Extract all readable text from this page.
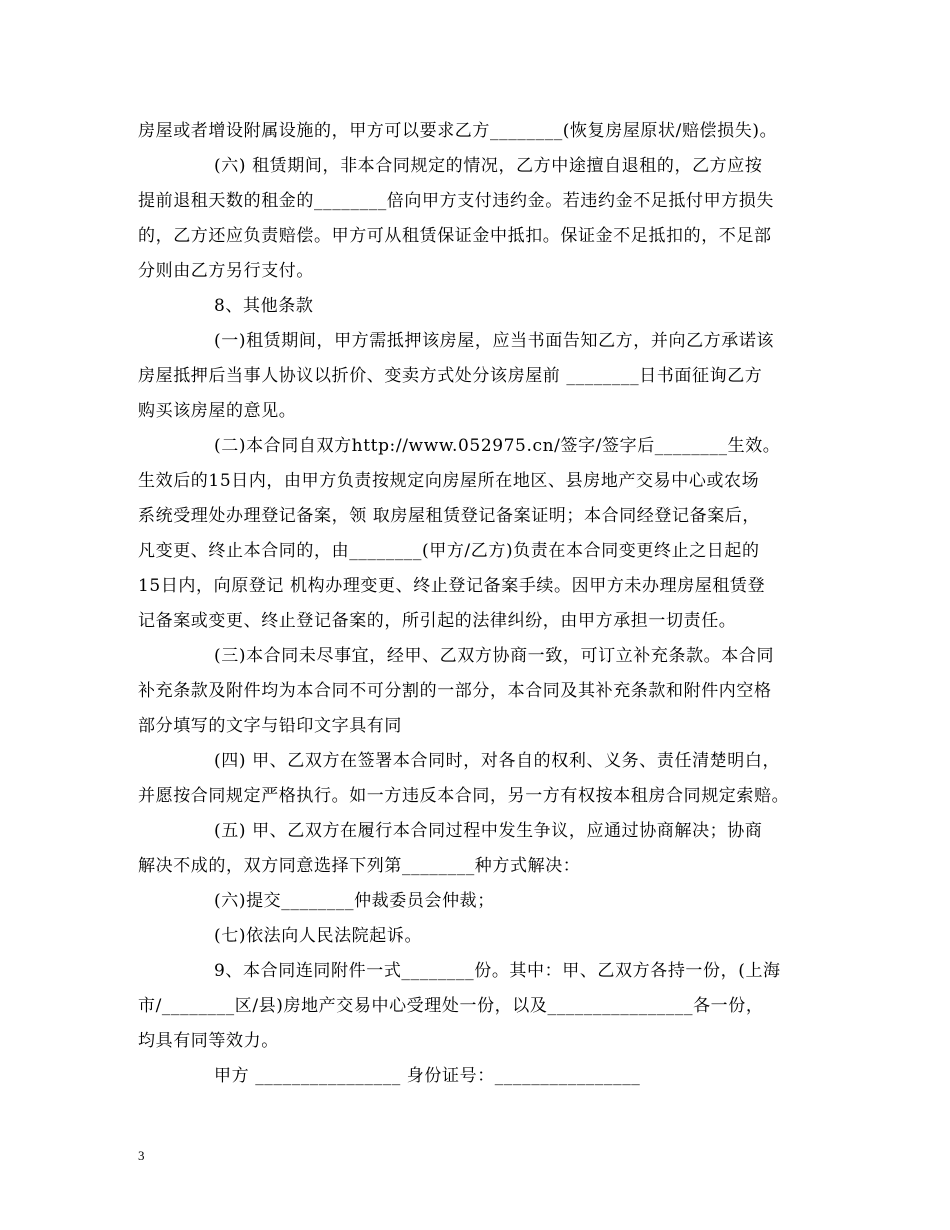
房屋或者增设附属设施的，甲方可以要求乙方________(恢复房屋原状/赔偿损失)。
(六) 租赁期间，非本合同规定的情况，乙方中途擅自退租的，乙方应按
提前退租天数的租金的________倍向甲方支付违约金。若违约金不足抵付甲方损失
的，乙方还应负责赔偿。甲方可从租赁保证金中抵扣。保证金不足抵扣的，不足部
分则由乙方另行支付。
8、其他条款
(一)租赁期间，甲方需抵押该房屋，应当书面告知乙方，并向乙方承诺该
房屋抵押后当事人协议以折价、变卖方式处分该房屋前 ________日书面征询乙方
购买该房屋的意见。
(二)本合同自双方http://www.052975.cn/签字/签字后________生效。
生效后的15日内，由甲方负责按规定向房屋所在地区、县房地产交易中心或农场
系统受理处办理登记备案，领 取房屋租赁登记备案证明；本合同经登记备案后，
凡变更、终止本合同的，由________(甲方/乙方)负责在本合同变更终止之日起的
15日内，向原登记 机构办理变更、终止登记备案手续。因甲方未办理房屋租赁登
记备案或变更、终止登记备案的，所引起的法律纠纷，由甲方承担一切责任。
(三)本合同未尽事宜，经甲、乙双方协商一致，可订立补充条款。本合同
补充条款及附件均为本合同不可分割的一部分，本合同及其补充条款和附件内空格
部分填写的文字与铅印文字具有同
(四) 甲、乙双方在签署本合同时，对各自的权利、义务、责任清楚明白，
并愿按合同规定严格执行。如一方违反本合同，另一方有权按本租房合同规定索赔。
(五) 甲、乙双方在履行本合同过程中发生争议，应通过协商解决；协商
解决不成的，双方同意选择下列第________种方式解决：
(六)提交________仲裁委员会仲裁；
(七)依法向人民法院起诉。
9、本合同连同附件一式________份。其中：甲、乙双方各持一份，(上海
市/________区/县)房地产交易中心受理处一份，以及________________各一份，
均具有同等效力。
甲方 ________________ 身份证号：________________
3
